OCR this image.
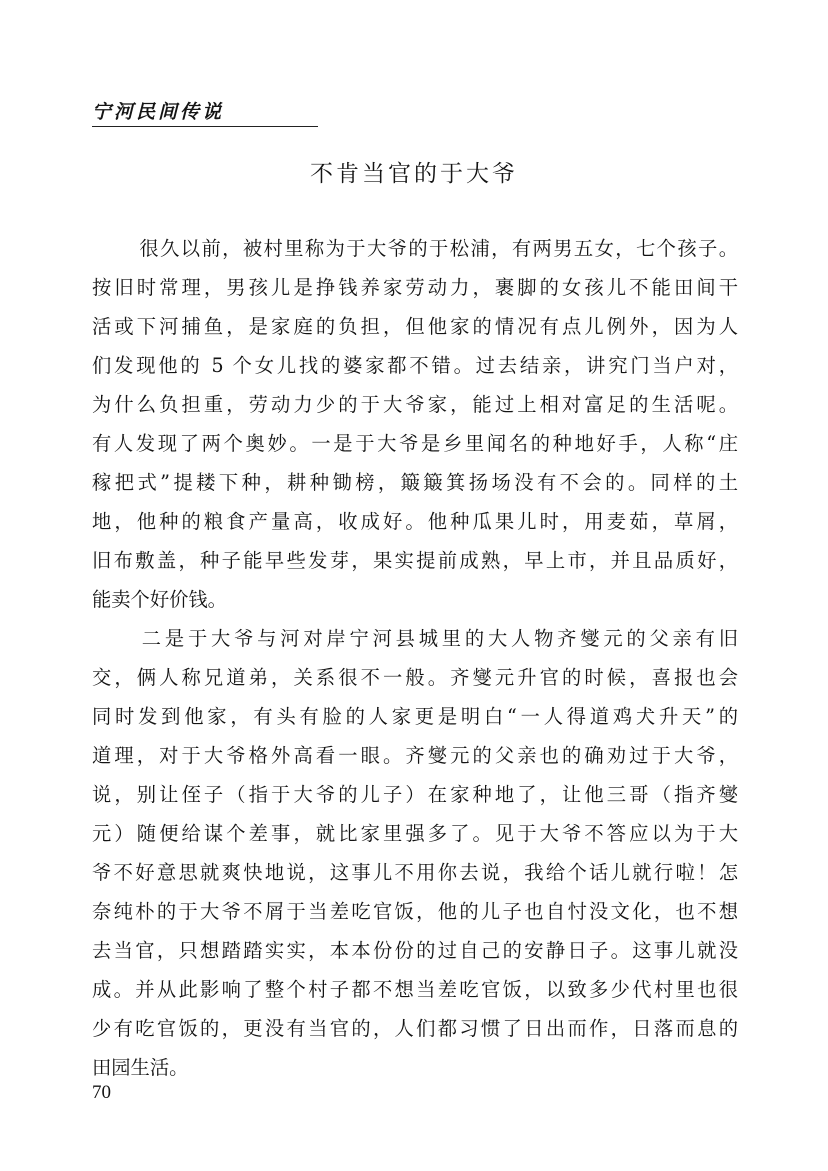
宁河民间传说
不肯当官的于大爷
很久以前，被村里称为于大爷的于松浦，有两男五女，七个孩子。
按旧时常理，男孩儿是挣钱养家劳动力，裹脚的女孩儿不能田间干
活或下河捕鱼，是家庭的负担，但他家的情况有点儿例外，因为人
们发现他的 5 个女儿找的婆家都不错。过去结亲，讲究门当户对，
为什么负担重，劳动力少的于大爷家，能过上相对富足的生活呢。
有人发现了两个奥妙。一是于大爷是乡里闻名的种地好手，人称“庄
稼把式”提耧下种，耕种锄榜，簸簸箕扬场没有不会的。同样的土
地，他种的粮食产量高，收成好。他种瓜果儿时，用麦茹，草屑，
旧布敷盖，种子能早些发芽，果实提前成熟，早上市，并且品质好，
能卖个好价钱。
二是于大爷与河对岸宁河县城里的大人物齐燮元的父亲有旧
交，俩人称兄道弟，关系很不一般。齐燮元升官的时候，喜报也会
同时发到他家，有头有脸的人家更是明白“一人得道鸡犬升天”的
道理，对于大爷格外高看一眼。齐燮元的父亲也的确劝过于大爷，
说，别让侄子（指于大爷的儿子）在家种地了，让他三哥（指齐燮
元）随便给谋个差事，就比家里强多了。见于大爷不答应以为于大
爷不好意思就爽快地说，这事儿不用你去说，我给个话儿就行啦！怎
奈纯朴的于大爷不屑于当差吃官饭，他的儿子也自忖没文化，也不想
去当官，只想踏踏实实，本本份份的过自己的安静日子。这事儿就没
成。并从此影响了整个村子都不想当差吃官饭，以致多少代村里也很
少有吃官饭的，更没有当官的，人们都习惯了日出而作，日落而息的
田园生活。
70
